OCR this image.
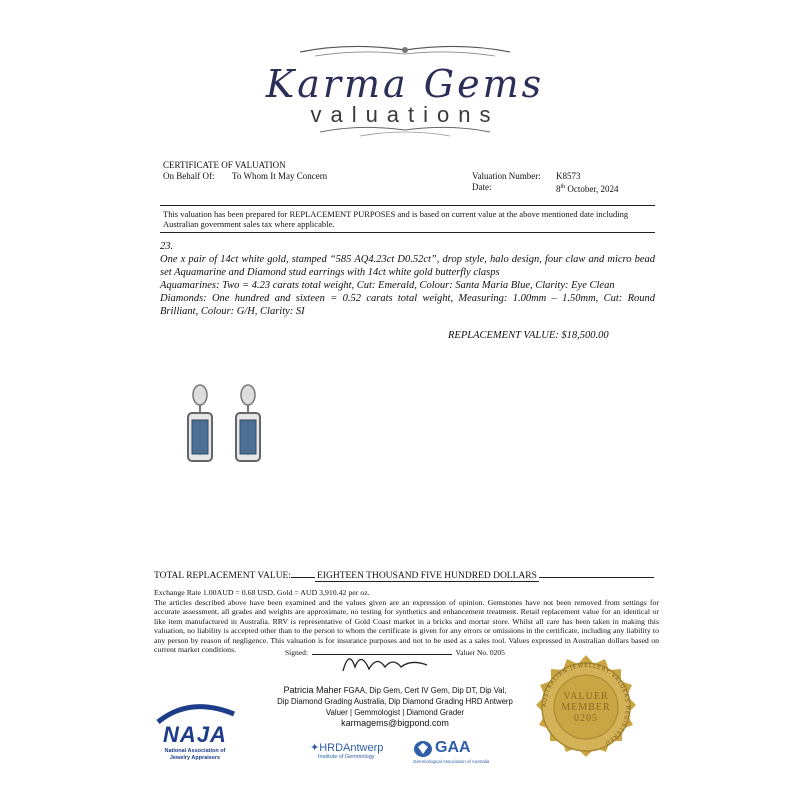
Karma Gems
valuations
CERTIFICATE OF VALUATION
On Behalf Of: To Whom It May Concern	Valuation Number: K8573
Date:	8th October, 2024
This valuation has been prepared for REPLACEMENT PURPOSES and is based on current value at the above mentioned date including Australian government sales tax where applicable.

23.

One x pair of 14ct white gold, stamped “585 AQ4.23ct D0.52ct”, drop style, halo design, four claw and micro bead set Aquamarine and Diamond stud earrings with 14ct white gold butterfly clasps

Aquamarines: Two = 4.23 carats total weight, Cut: Emerald, Colour: Santa Maria Blue, Clarity: Eye Clean

Diamonds: One hundred and sixteen = 0.52 carats total weight, Measuring: 1.00mm – 1.50mm, Cut: Round Brilliant, Colour: G/H, Clarity: SI

REPLACEMENT VALUE: $18,500.00
TOTAL REPLACEMENT VALUE:	EIGHTEEN THOUSAND FIVE HUNDRED DOLLARS

Exchange Rate 1.00AUD = 0.68 USD, Gold = AUD 3,910.42 per oz.

The articles described above have been examined and the values given are an expression of opinion. Gemstones have not been removed from settings for accurate assessment, all grades and weights are approximate, no testing for synthetics and enhancement treatment. Retail replacement value for an identical or like item manufactured in Australia. RRV is representative of Gold Coast market in a bricks and mortar store. Whilst all care has been taken in making this valuation, no liability is accepted other than to the person to whom the certificate is given for any errors or omissions in the certificate, including any liability to any person by reason of negligence. This valuation is for insurance purposes and not to be used as a sales tool. Values expressed in Australian dollars based on current market conditions.	Signed:	Valuer No. 0205
Patricia Maher FGAA, Dip Gem, Cert IV Gem, Dip DT, Dip Val,
Dip Diamond Grading Australia, Dip Diamond Grading HRD Antwerp
Valuer | Gemmologist | Diamond Grader
karmagems@bigpond.com
NAJA
National Association of
Jewelry Appraisers
✦HRDAntwerp
Institute of Gemmology
GAA
Gemmological Association of Australia
AUSTRALIAN JEWELLERY VALUERS REGISTERED
VALUER
MEMBER
0205
